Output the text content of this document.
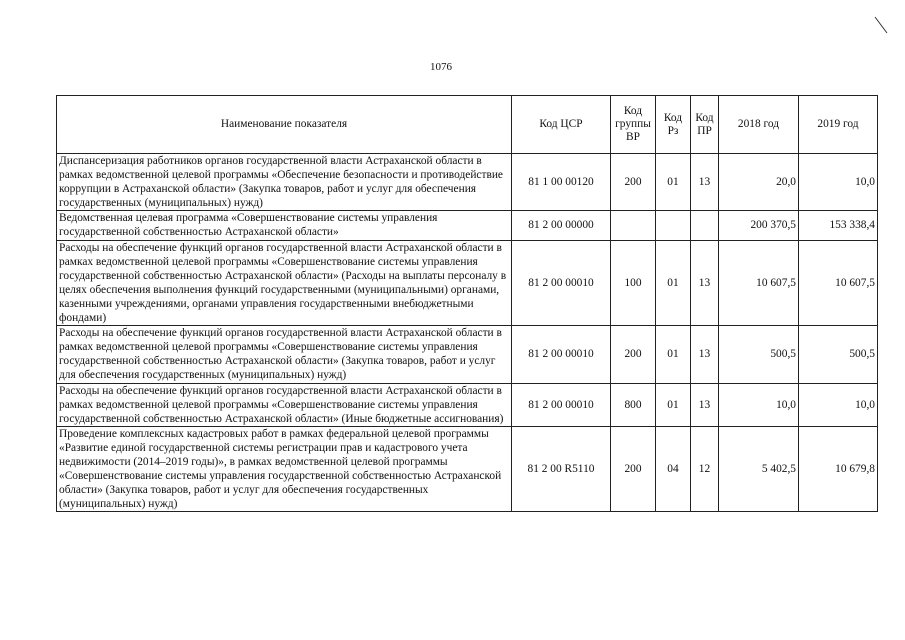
1076
Наименование показателя	Код ЦСР	Код группы ВР	Код Рз	Код ПР	2018 год	2019 год
Диспансеризация работников органов государственной власти Астраханской области в рамках ведомственной целевой программы «Обеспечение безопасности и противодействие коррупции в Астраханской области» (Закупка товаров, работ и услуг для обеспечения государственных (муниципальных) нужд)	81 1 00 00120	200	01	13	20,0	10,0
Ведомственная целевая программа «Совершенствование системы управления государственной собственностью Астраханской области»	81 2 00 00000				200 370,5	153 338,4
Расходы на обеспечение функций органов государственной власти Астраханской области в рамках ведомственной целевой программы «Совершенствование системы управления государственной собственностью Астраханской области» (Расходы на выплаты персоналу в целях обеспечения выполнения функций государственными (муниципальными) органами, казенными учреждениями, органами управления государственными внебюджетными фондами)	81 2 00 00010	100	01	13	10 607,5	10 607,5
Расходы на обеспечение функций органов государственной власти Астраханской области в рамках ведомственной целевой программы «Совершенствование системы управления государственной собственностью Астраханской области» (Закупка товаров, работ и услуг для обеспечения государственных (муниципальных) нужд)	81 2 00 00010	200	01	13	500,5	500,5
Расходы на обеспечение функций органов государственной власти Астраханской области в рамках ведомственной целевой программы «Совершенствование системы управления государственной собственностью Астраханской области» (Иные бюджетные ассигнования)	81 2 00 00010	800	01	13	10,0	10,0
Проведение комплексных кадастровых работ в рамках федеральной целевой программы «Развитие единой государственной системы регистрации прав и кадастрового учета недвижимости (2014–2019 годы)», в рамках ведомственной целевой программы «Совершенствование системы управления государственной собственностью Астраханской области» (Закупка товаров, работ и услуг для обеспечения государственных (муниципальных) нужд)	81 2 00 R5110	200	04	12	5 402,5	10 679,8
